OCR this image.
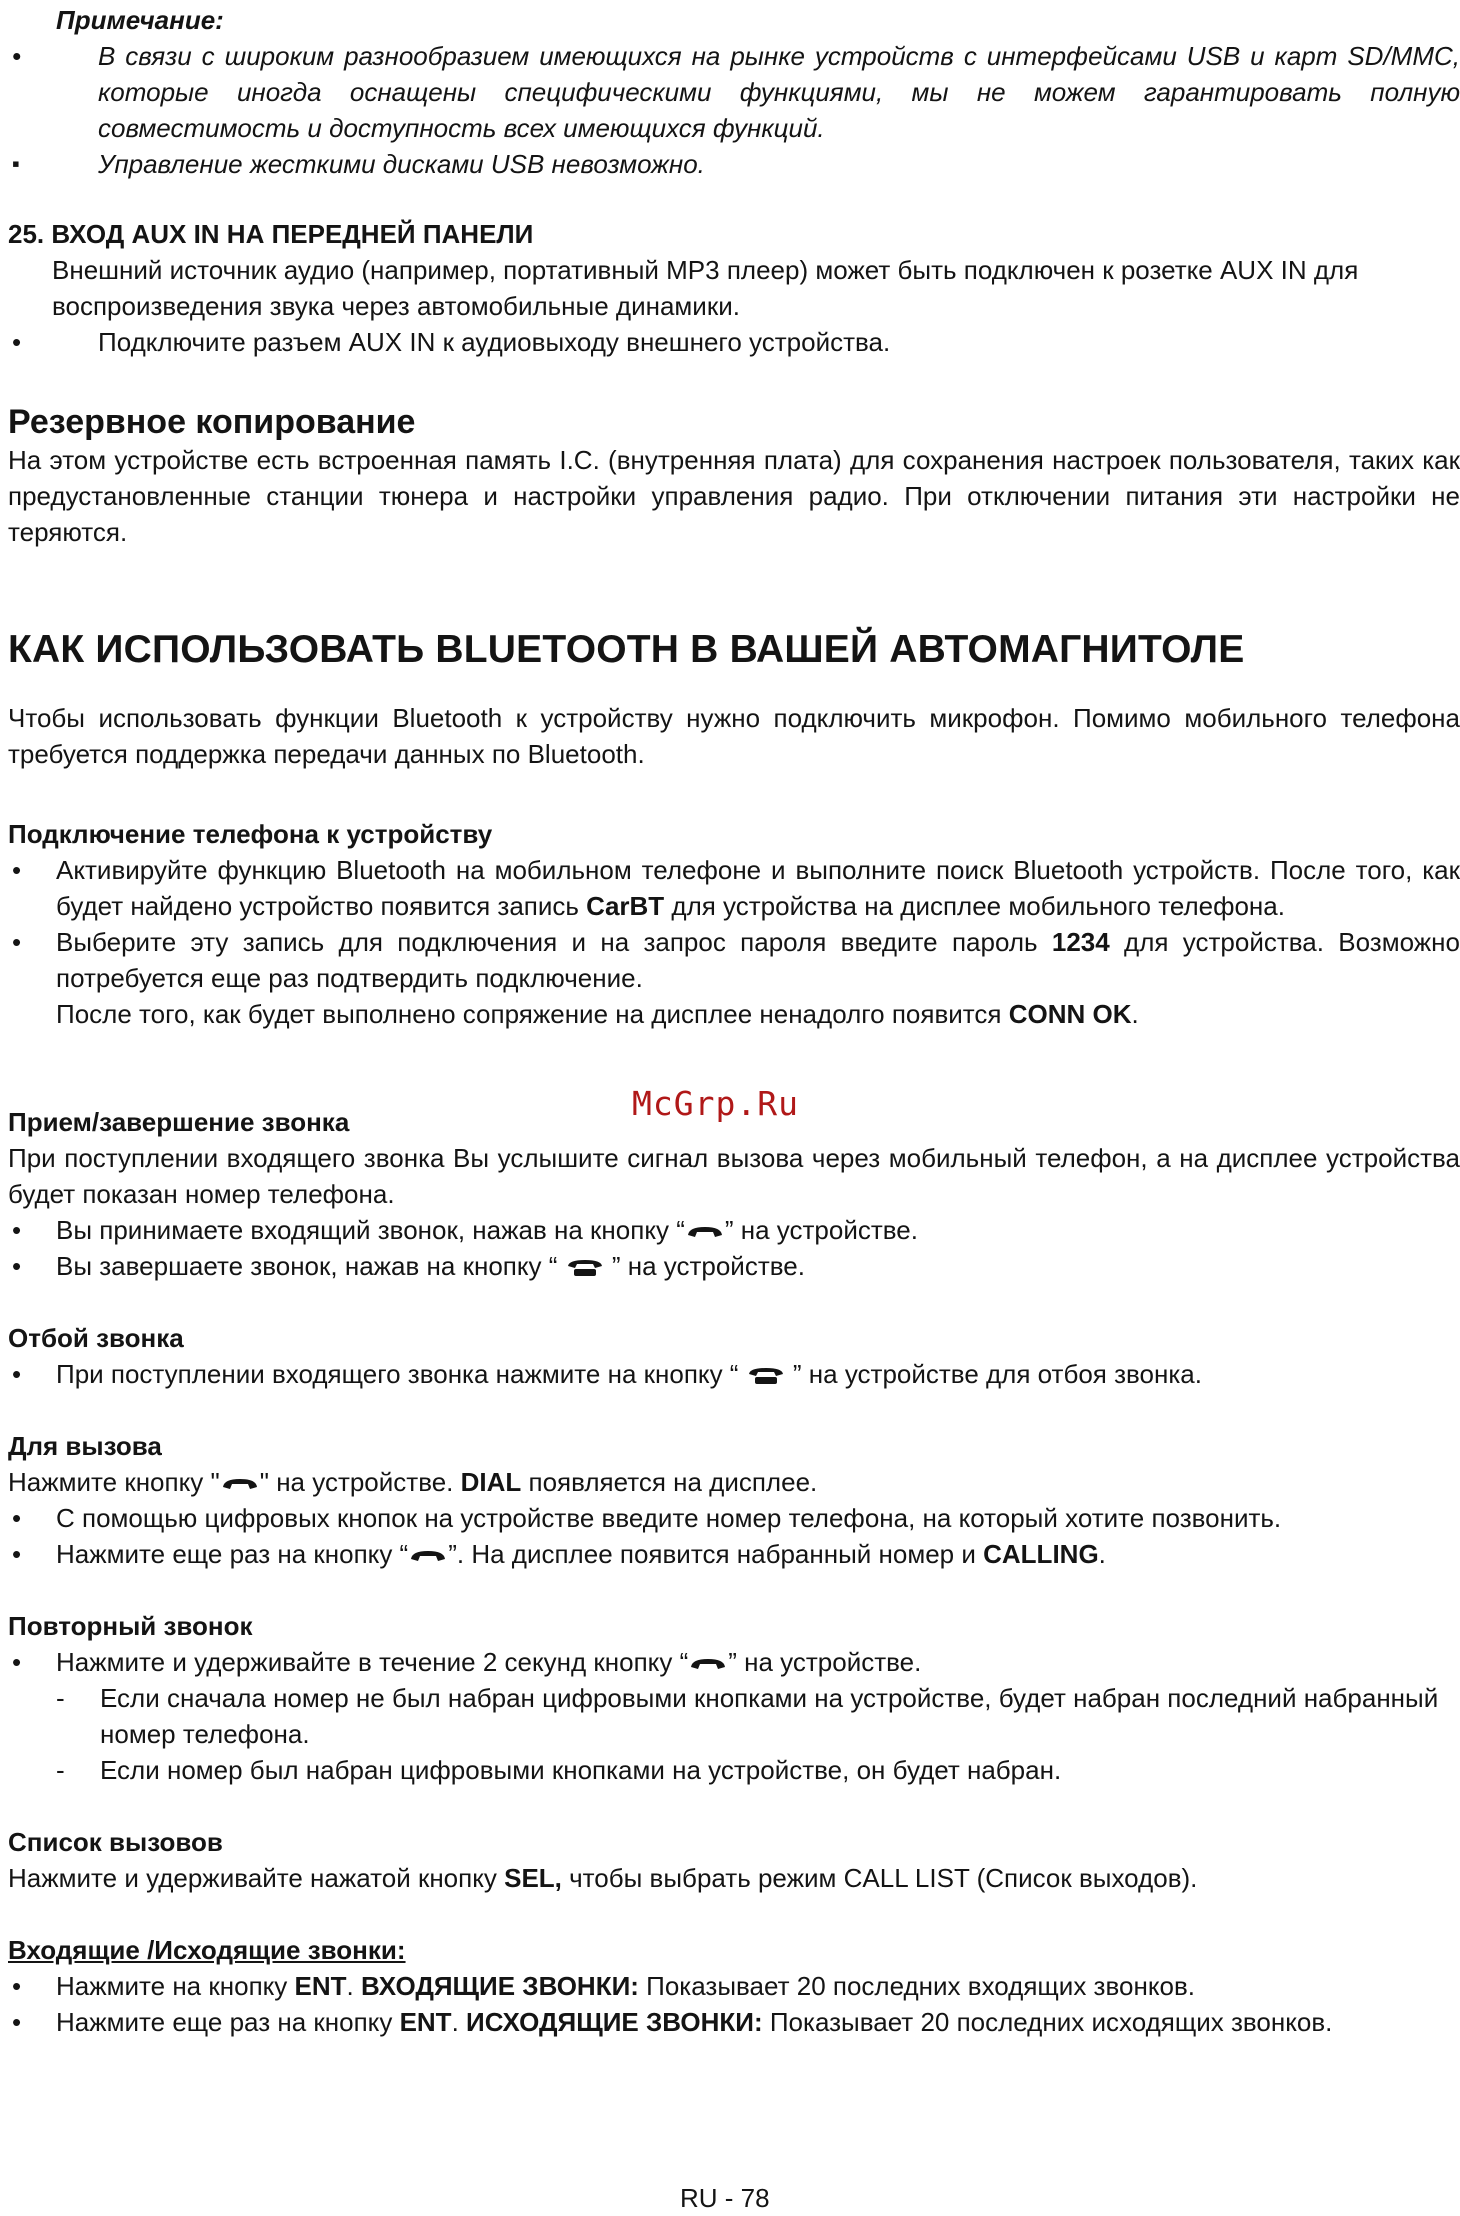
Примечание:

• В связи с широким разнообразием имеющихся на рынке устройств с интерфейсами USB и карт SD/MMC, которые иногда оснащены специфическими функциями, мы не можем гарантировать полную совместимость и доступность всех имеющихся функций.
▪ Управление жесткими дисками USB невозможно.

25. ВХОД AUX IN НА ПЕРЕДНЕЙ ПАНЕЛИ

Внешний источник аудио (например, портативный MP3 плеер) может быть подключен к розетке AUX IN для воспроизведения звука через автомобильные динамики.

• Подключите разъем AUX IN к аудиовыходу внешнего устройства.
Резервное копирование

На этом устройстве есть встроенная память I.C. (внутренняя плата) для сохранения настроек пользователя, таких как предустановленные станции тюнера и настройки управления радио. При отключении питания эти настройки не теряются.

КАК ИСПОЛЬЗОВАТЬ BLUETOOTH В ВАШЕЙ АВТОМАГНИТОЛЕ

Чтобы использовать функции Bluetooth к устройству нужно подключить микрофон. Помимо мобильного телефона требуется поддержка передачи данных по Bluetooth.

Подключение телефона к устройству
• Активируйте функцию Bluetooth на мобильном телефоне и выполните поиск Bluetooth устройств. После того, как будет найдено устройство появится запись CarBT для устройства на дисплее мобильного телефона.
• Выберите эту запись для подключения и на запрос пароля введите пароль 1234 для устройства. Возможно потребуется еще раз подтвердить подключение.
После того, как будет выполнено сопряжение на дисплее ненадолго появится CONN OK.
Прием/завершение звонка

При поступлении входящего звонка Вы услышите сигнал вызова через мобильный телефон, а на дисплее устройства будет показан номер телефона.

• Вы принимаете входящий звонок, нажав на кнопку “ ” на устройстве.
• Вы завершаете звонок, нажав на кнопку “  ” на устройстве.
Отбой звонка
• При поступлении входящего звонка нажмите на кнопку “  ” на устройстве для отбоя звонка.
Для вызова

Нажмите кнопку " " на устройстве. DIAL появляется на дисплее.

• С помощью цифровых кнопок на устройстве введите номер телефона, на который хотите позвонить.
• Нажмите еще раз на кнопку “ ”. На дисплее появится набранный номер и CALLING.
Повторный звонок
• Нажмите и удерживайте в течение 2 секунд кнопку “ ” на устройстве.
- Если сначала номер не был набран цифровыми кнопками на устройстве, будет набран последний набранный номер телефона.
- Если номер был набран цифровыми кнопками на устройстве, он будет набран.
Список вызовов

Нажмите и удерживайте нажатой кнопку SEL, чтобы выбрать режим CALL LIST (Список выходов).

Входящие /Исходящие звонки:
• Нажмите на кнопку ENT. ВХОДЯЩИЕ ЗВОНКИ: Показывает 20 последних входящих звонков.
• Нажмите еще раз на кнопку ENT. ИСХОДЯЩИЕ ЗВОНКИ: Показывает 20 последних исходящих звонков.
McGrp.Ru
RU - 78
